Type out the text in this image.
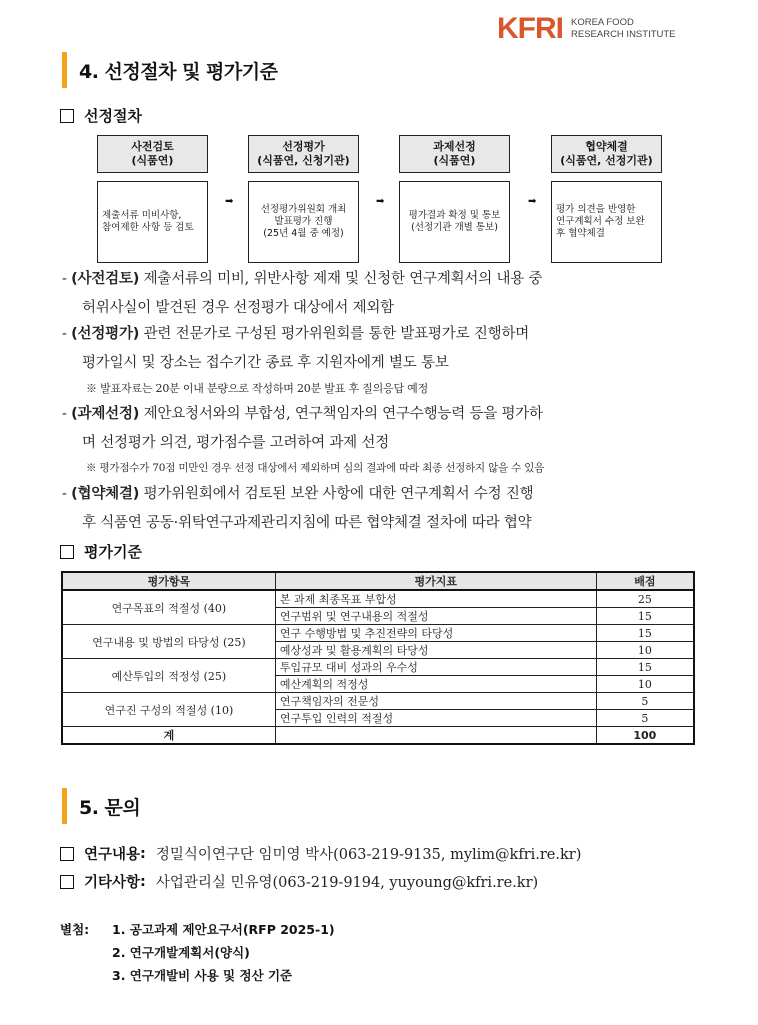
KFRI KOREA FOOD
RESEARCH INSTITUTE
4. 선정절차 및 평가기준
선정절차
사전검토
(식품연)
제출서류 미비사항,
참여제한 사항 등 검토
➡
선정평가
(식품연, 신청기관)
선정평가위원회 개최
발표평가 진행
(25년 4월 중 예정)
➡
과제선정
(식품연)
평가결과 확정 및 통보
(선정기관 개별 통보)
➡
협약체결
(식품연, 선정기관)
평가 의견을 반영한
연구계획서 수정 보완
후 협약체결
- (사전검토) 제출서류의 미비, 위반사항 제재 및 신청한 연구계획서의 내용 중
허위사실이 발견된 경우 선정평가 대상에서 제외함
- (선정평가) 관련 전문가로 구성된 평가위원회를 통한 발표평가로 진행하며
평가일시 및 장소는 접수기간 종료 후 지원자에게 별도 통보
※ 발표자료는 20분 이내 분량으로 작성하며 20분 발표 후 질의응답 예정
- (과제선정) 제안요청서와의 부합성, 연구책임자의 연구수행능력 등을 평가하
며 선정평가 의견, 평가점수를 고려하여 과제 선정
※ 평가점수가 70점 미만인 경우 선정 대상에서 제외하며 심의 결과에 따라 최종 선정하지 않을 수 있음
- (협약체결) 평가위원회에서 검토된 보완 사항에 대한 연구계획서 수정 진행
후 식품연 공동·위탁연구과제관리지침에 따른 협약체결 절차에 따라 협약
평가기준
평가항목	평가지표	배점
연구목표의 적절성 (40)	본 과제 최종목표 부합성	25
	연구범위 및 연구내용의 적절성	15
연구내용 및 방법의 타당성 (25)	연구 수행방법 및 추진전략의 타당성	15
	예상성과 및 활용계획의 타당성	10
예산투입의 적정성 (25)	투입규모 대비 성과의 우수성	15
	예산계획의 적정성	10
연구진 구성의 적절성 (10)	연구책임자의 전문성	5
	연구투입 인력의 적절성	5
계		100
5. 문의
연구내용 : 정밀식이연구단 임미영 박사(063-219-9135, mylim@kfri.re.kr)
기타사항 : 사업관리실 민유영(063-219-9194, yuyoung@kfri.re.kr)
별첨: 1. 공고과제 제안요구서(RFP 2025-1)
2. 연구개발계획서(양식)
3. 연구개발비 사용 및 정산 기준
